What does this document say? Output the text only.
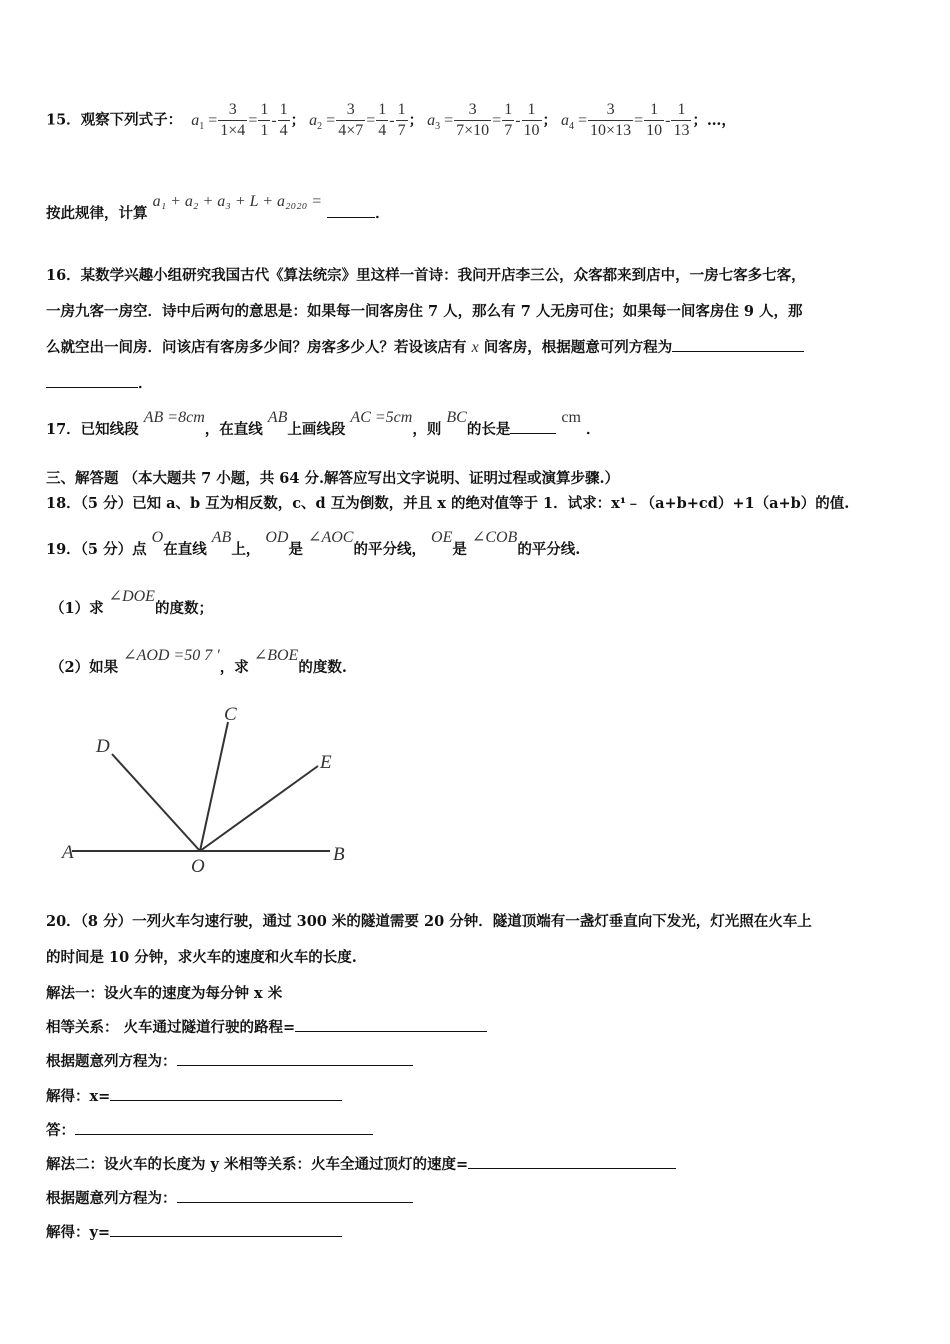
15．观察下列式子： $a_1 = \frac{3}{1\times 4} = \frac{1}{1} - \frac{1}{4}$ ； $a_2 = \frac{3}{4\times 7} = \frac{1}{4} - \frac{1}{7}$ ； $a_3 = \frac{3}{7\times 10} = \frac{1}{7} - \frac{1}{10}$ ； $a_4 = \frac{3}{10\times 13} = \frac{1}{10} - \frac{1}{13}$ ；…，
按此规律，计算 a₁ + a₂ + a₃ + L + a₂₀₂₀ = ．
16．某数学兴趣小组研究我国古代《算法统宗》里这样一首诗：我问开店李三公，众客都来到店中，一房七客多七客，
一房九客一房空．诗中后两句的意思是：如果每一间客房住 7 人，那么有 7 人无房可住；如果每一间客房住 9 人，那
么就空出一间房．问该店有客房多少间？房客多少人？若设该店有 x 间客房，根据题意可列方程为
．
17．已知线段 AB =8cm，在直线 AB上画线段 AC =5cm，则 BC的长是 cm ．
三、解答题 （本大题共 7 小题，共 64 分.解答应写出文字说明、证明过程或演算步骤.）
18．（5 分）已知 a、b 互为相反数，c、d 互为倒数，并且 x 的绝对值等于 1．试求：x¹﹣（a+b+cd）+1（a+b）的值.
19．（5 分）点 O在直线 AB上， OD是 ∠AOC的平分线， OE是 ∠COB的平分线.
（1）求 ∠DOE的度数；
（2）如果 ∠AOD =50 7 ′，求 ∠BOE的度数.
A	B
C
D
E
O
20．（8 分）一列火车匀速行驶，通过 300 米的隧道需要 20 分钟．隧道顶端有一盏灯垂直向下发光，灯光照在火车上
的时间是 10 分钟，求火车的速度和火车的长度.
解法一：设火车的速度为每分钟 x 米
相等关系： 火车通过隧道行驶的路程=
根据题意列方程为：
解得：x=
答：
解法二：设火车的长度为 y 米相等关系：火车全通过顶灯的速度=
根据题意列方程为：
解得：y=
